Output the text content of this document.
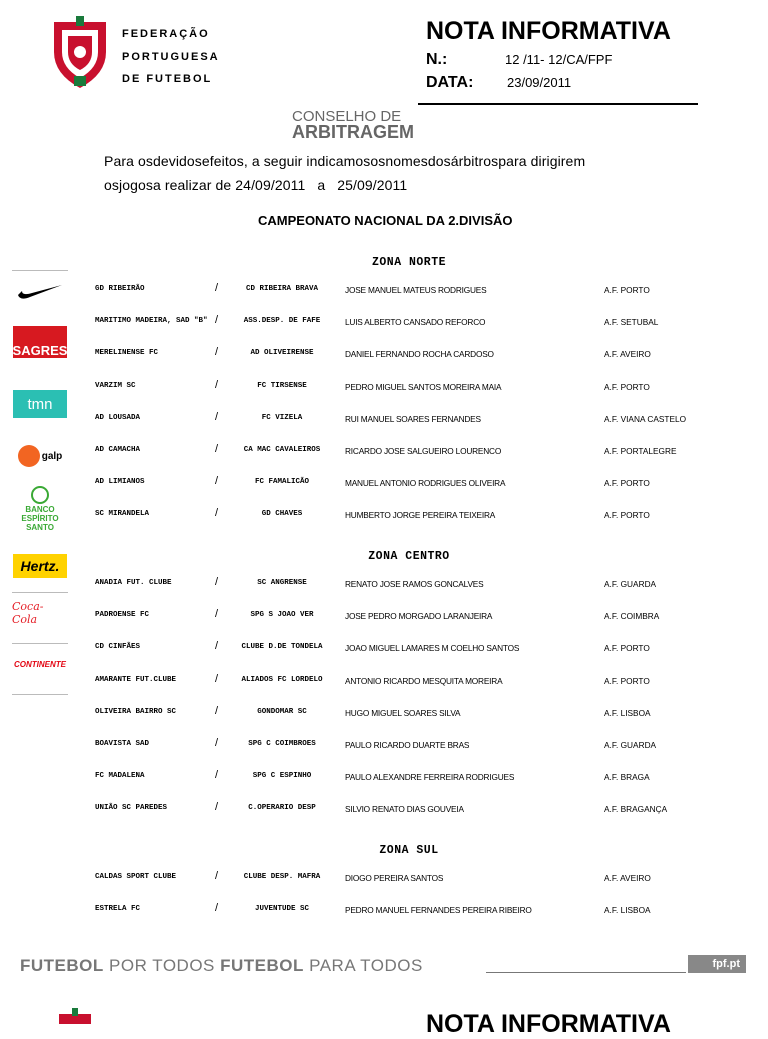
FEDERAÇÃO
PORTUGUESA
DE FUTEBOL
NOTA INFORMATIVA
N.:	12 /11- 12/CA/FPF
DATA:	23/09/2011
CONSELHO DE
ARBITRAGEM
Para osdevidosefeitos, a seguir indicamososnomesdosárbitrospara dirigirem
osjogosa realizar de 24/09/2011 a 25/09/2011
CAMPEONATO NACIONAL DA 2.DIVISÃO
SAGRES
tmn
galp
BANCO
ESPÍRITO
SANTO
Hertz.
Coca-Cola
CONTINENTE
ZONA NORTE
GD RIBEIRÃO	/	CD RIBEIRA BRAVA	JOSE MANUEL MATEUS RODRIGUES	A.F. PORTO
MARITIMO MADEIRA, SAD "B" /	ASS.DESP. DE FAFE	LUIS ALBERTO CANSADO REFORCO	A.F. SETUBAL
MERELINENSE FC	/	AD OLIVEIRENSE	DANIEL FERNANDO ROCHA CARDOSO	A.F. AVEIRO
VARZIM SC	/	FC TIRSENSE	PEDRO MIGUEL SANTOS MOREIRA MAIA	A.F. PORTO
AD LOUSADA	/	FC VIZELA	RUI MANUEL SOARES FERNANDES	A.F. VIANA CASTELO
AD CAMACHA	/	CA MAC CAVALEIROS	RICARDO JOSE SALGUEIRO LOURENCO	A.F. PORTALEGRE
AD LIMIANOS	/	FC FAMALICÃO	MANUEL ANTONIO RODRIGUES OLIVEIRA	A.F. PORTO
SC MIRANDELA	/	GD CHAVES	HUMBERTO JORGE PEREIRA TEIXEIRA	A.F. PORTO
ZONA CENTRO
ANADIA FUT. CLUBE	/	SC ANGRENSE	RENATO JOSE RAMOS GONCALVES	A.F. GUARDA
PADROENSE FC	/	SPG S JOAO VER	JOSE PEDRO MORGADO LARANJEIRA	A.F. COIMBRA
CD CINFÃES	/	CLUBE D.DE TONDELA	JOAO MIGUEL LAMARES M COELHO SANTOS	A.F. PORTO
AMARANTE FUT.CLUBE	/	ALIADOS FC LORDELO	ANTONIO RICARDO MESQUITA MOREIRA	A.F. PORTO
OLIVEIRA BAIRRO SC	/	GONDOMAR SC	HUGO MIGUEL SOARES SILVA	A.F. LISBOA
BOAVISTA SAD	/	SPG C COIMBROES	PAULO RICARDO DUARTE BRAS	A.F. GUARDA
FC MADALENA	/	SPG C ESPINHO	PAULO ALEXANDRE FERREIRA RODRIGUES	A.F. BRAGA
UNIÃO SC PAREDES	/	C.OPERARIO DESP	SILVIO RENATO DIAS GOUVEIA	A.F. BRAGANÇA
ZONA SUL
CALDAS SPORT CLUBE	/	CLUBE DESP. MAFRA	DIOGO PEREIRA SANTOS	A.F. AVEIRO
ESTRELA FC	/	JUVENTUDE SC	PEDRO MANUEL FERNANDES PEREIRA RIBEIRO	A.F. LISBOA
FUTEBOL POR TODOS FUTEBOL PARA TODOS	fpf.pt
NOTA INFORMATIVA
